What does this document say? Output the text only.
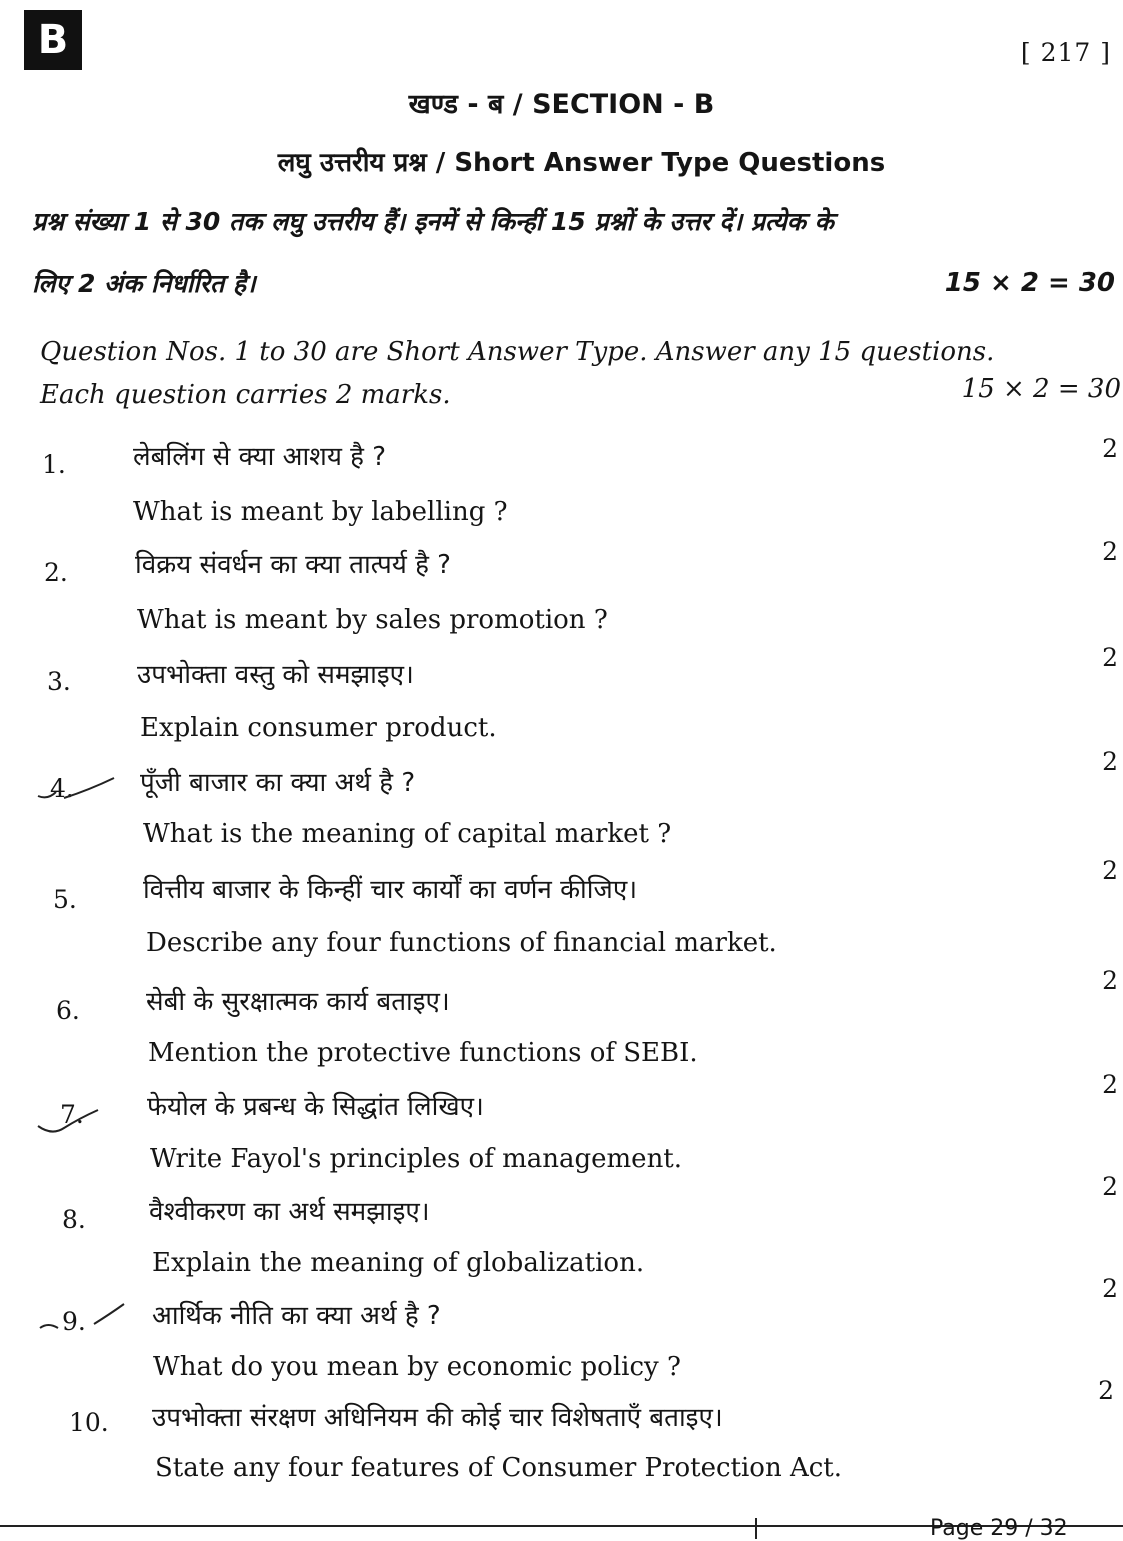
B	[ 217 ]
खण्ड - ब / SECTION - B
लघु उत्तरीय प्रश्न / Short Answer Type Questions
प्रश्न संख्या 1 से 30 तक लघु उत्तरीय हैं। इनमें से किन्हीं 15 प्रश्नों के उत्तर दें। प्रत्येक के
लिए 2 अंक निर्धारित है।	15 × 2 = 30
Question Nos. 1 to 30 are Short Answer Type. Answer any 15 questions.
Each question carries 2 marks.	15 × 2 = 30
1.	लेबलिंग से क्या आशय है ?	2
What is meant by labelling ?
2.	विक्रय संवर्धन का क्या तात्पर्य है ?	2
What is meant by sales promotion ?
3.	उपभोक्ता वस्तु को समझाइए।
2
Explain consumer product.
4.	पूँजी बाजार का क्या अर्थ है ?
2
What is the meaning of capital market ?
5.	वित्तीय बाजार के किन्हीं चार कार्यों का वर्णन कीजिए।
2
Describe any four functions of financial market.
6.	सेबी के सुरक्षात्मक कार्य बताइए।
2
Mention the protective functions of SEBI.
7. फेयोल के प्रबन्ध के सिद्धांत लिखिए।
2
Write Fayol's principles of management.
8. वैश्वीकरण का अर्थ समझाइए।
2
Explain the meaning of globalization.
9.	आर्थिक नीति का क्या अर्थ है ?
2
What do you mean by economic policy ?
10. उपभोक्ता संरक्षण अधिनियम की कोई चार विशेषताएँ बताइए।
2
State any four features of Consumer Protection Act.
Page 29 / 32
